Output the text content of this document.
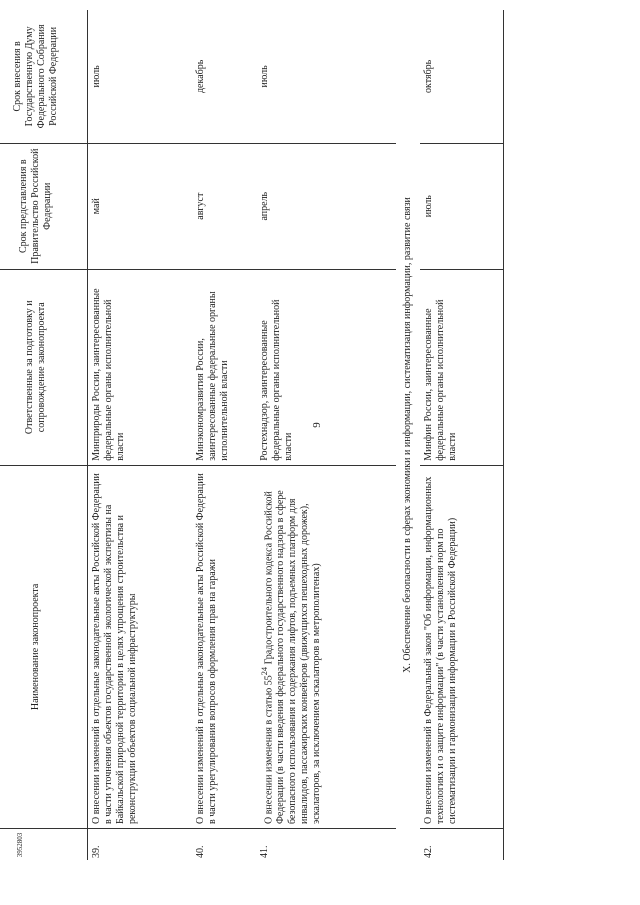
9
3952803
	Наименование законопроекта	Ответственные за подготовку и сопровождение законопроекта	Срок представления в Правительство Российской Федерации	Срок внесения в Государственную Думу Федерального Собрания Российской Федерации
39.	О внесении изменений в отдельные законодательные акты Российской Федерации в части уточнения объектов государственной экологической экспертизы на Байкальской природной территории в целях упрощения строительства и реконструкции объектов социальной инфраструктуры	Минприроды России, заинтересованные федеральные органы исполнительной власти	май	июль
40.	О внесении изменений в отдельные законодательные акты Российской Федерации в части урегулирования вопросов оформления прав на гаражи	Минэкономразвития России, заинтересованные федеральные органы исполнительной власти	август	декабрь
41.	О внесении изменения в статью $55^{24}$ Градостроительного кодекса Российской Федерации (в части введения федерального государственного надзора в сфере безопасного использования и содержания лифтов, подъемных платформ для инвалидов, пассажирских конвейеров (движущихся пешеходных дорожек), эскалаторов, за исключением эскалаторов в метрополитенах)	Ростехнадзор, заинтересованные федеральные органы исполнительной власти	апрель	июль
X. Обеспечение безопасности в сферах экономики и информации, систематизация информации, развитие связи				
42.	О внесении изменений в Федеральный закон "Об информации, информационных технологиях и о защите информации" (в части установления норм по систематизации и гармонизации информации в Российской Федерации)	Минфин России, заинтересованные федеральные органы исполнительной власти	июль	октябрь
